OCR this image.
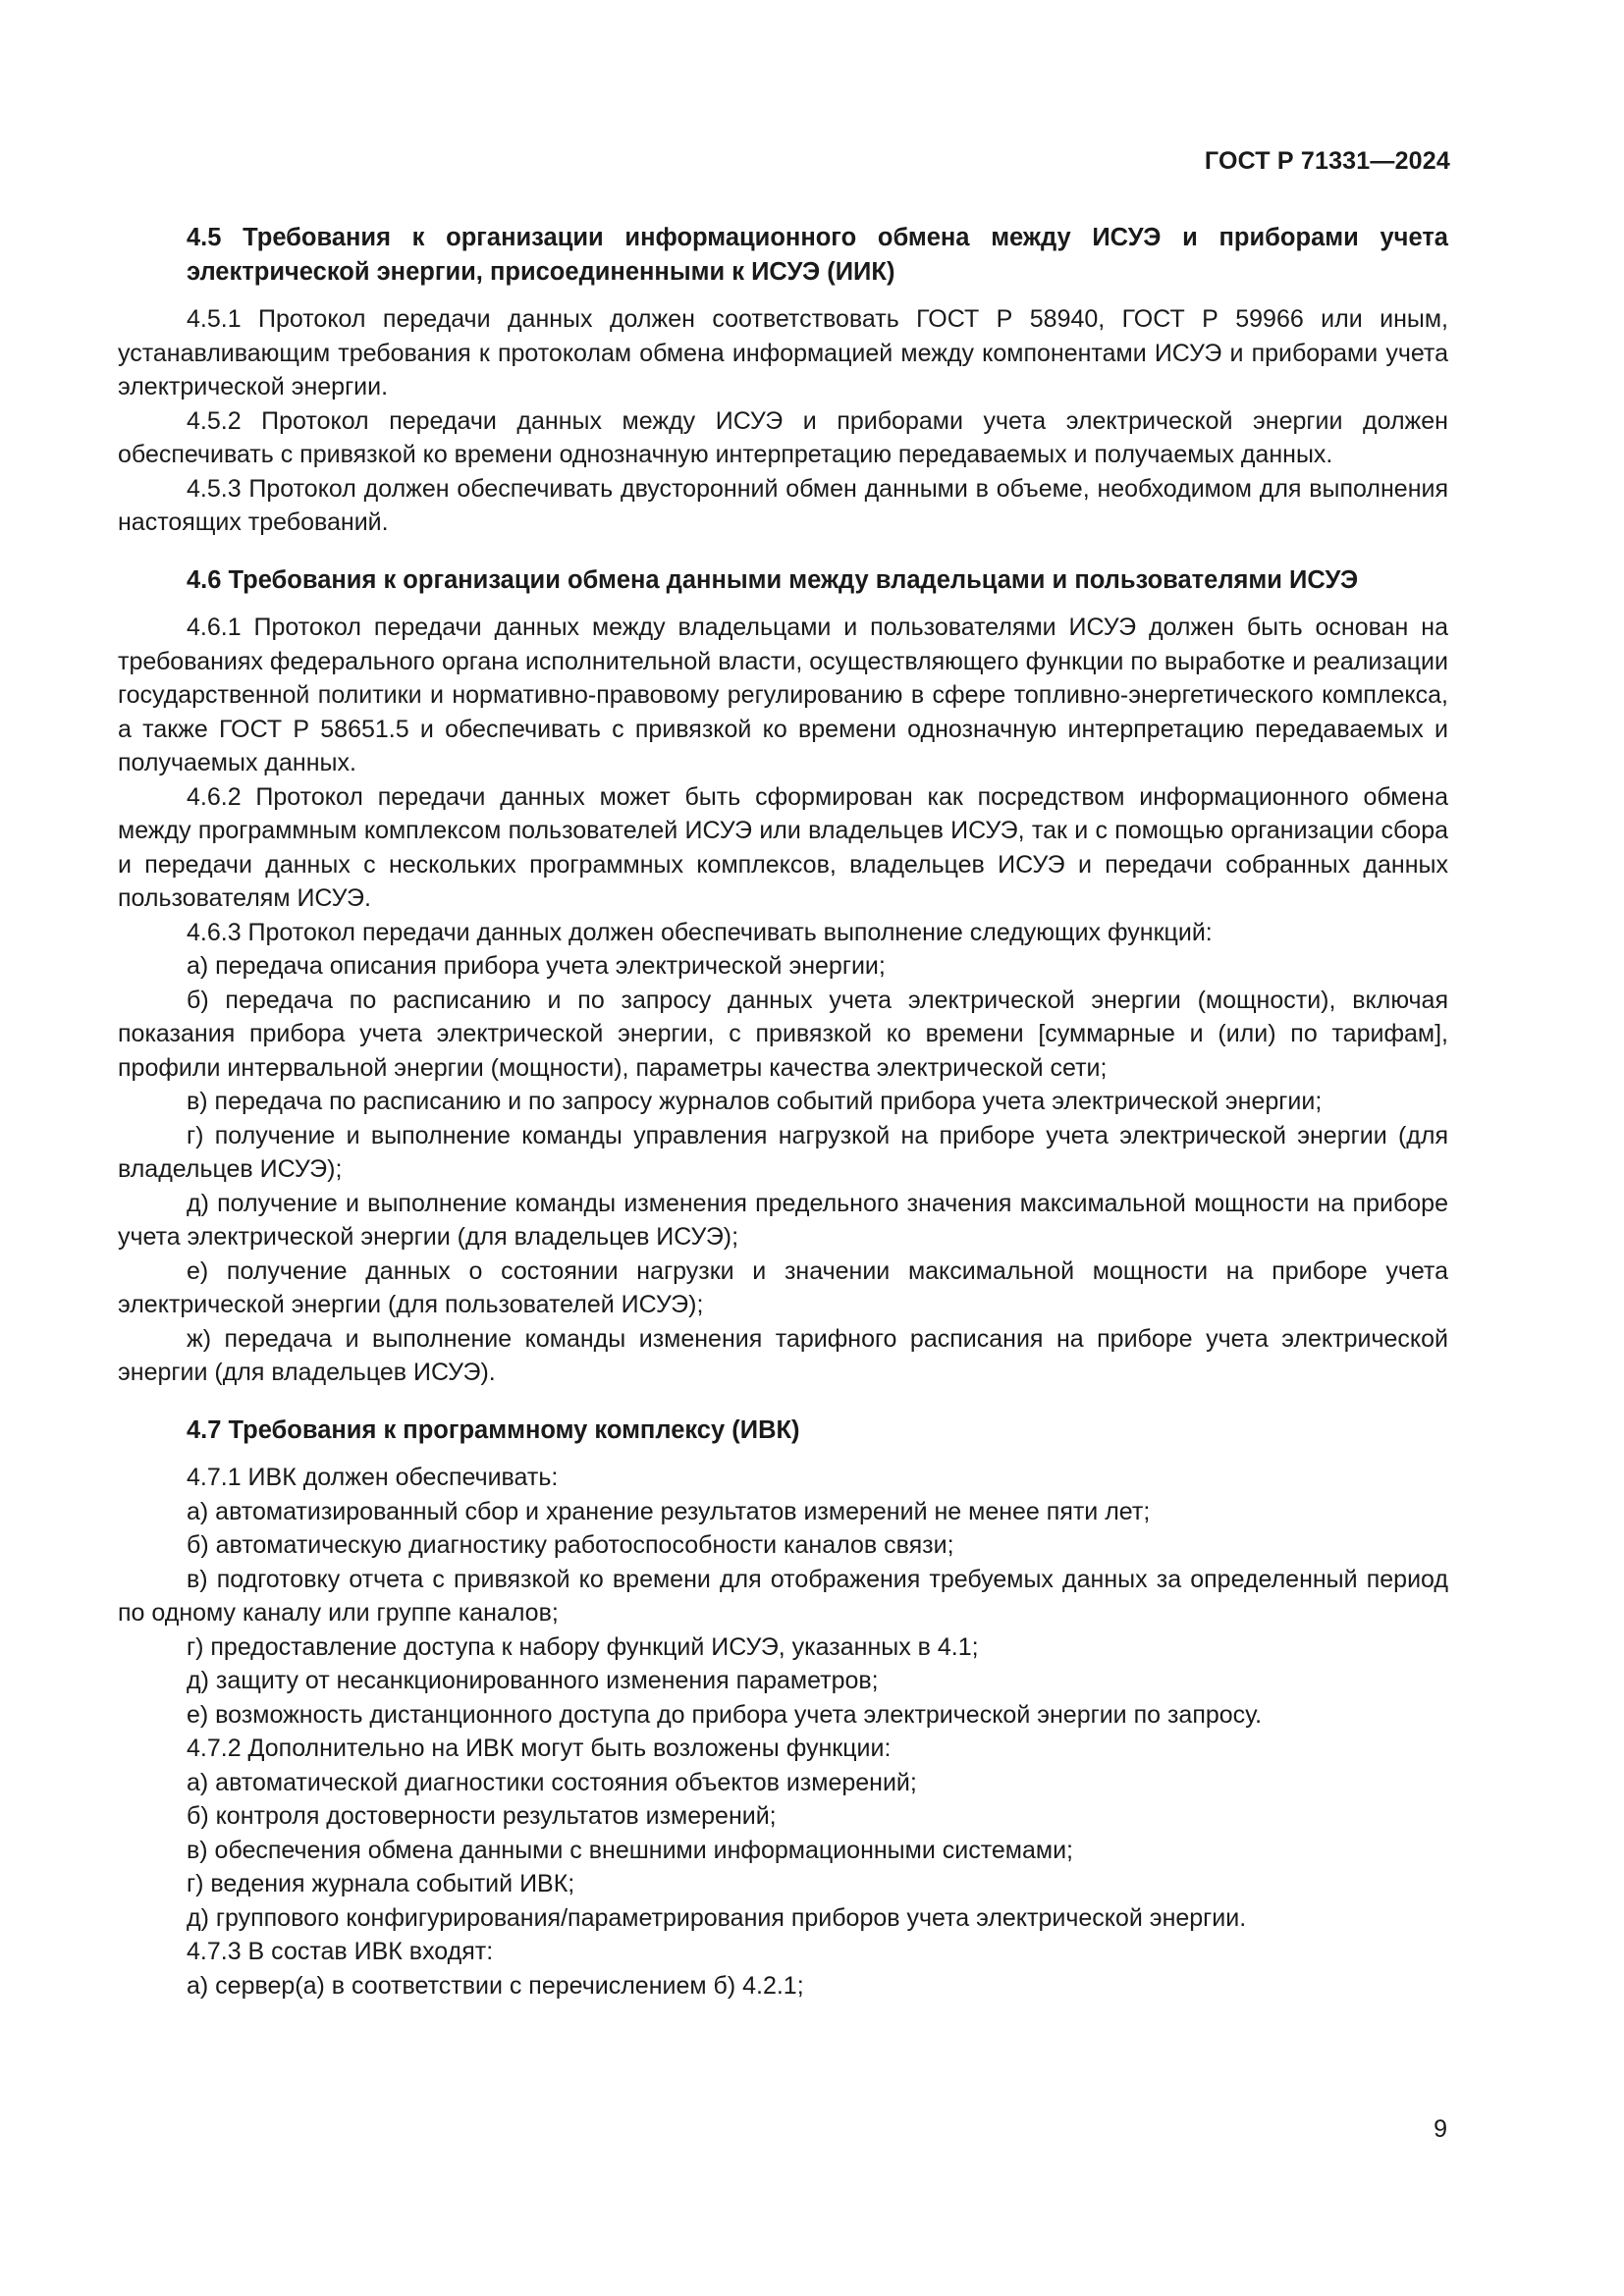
ГОСТ Р 71331—2024
4.5 Требования к организации информационного обмена между ИСУЭ и приборами учета электрической энергии, присоединенными к ИСУЭ (ИИК)

4.5.1 Протокол передачи данных должен соответствовать ГОСТ Р 58940, ГОСТ Р 59966 или иным, устанавливающим требования к протоколам обмена информацией между компонентами ИСУЭ и приборами учета электрической энергии.

4.5.2 Протокол передачи данных между ИСУЭ и приборами учета электрической энергии должен обеспечивать с привязкой ко времени однозначную интерпретацию передаваемых и получаемых данных.

4.5.3 Протокол должен обеспечивать двусторонний обмен данными в объеме, необходимом для выполнения настоящих требований.

4.6 Требования к организации обмена данными между владельцами и пользователями ИСУЭ

4.6.1 Протокол передачи данных между владельцами и пользователями ИСУЭ должен быть основан на требованиях федерального органа исполнительной власти, осуществляющего функции по выработке и реализации государственной политики и нормативно-правовому регулированию в сфере топливно-энергетического комплекса, а также ГОСТ Р 58651.5 и обеспечивать с привязкой ко времени однозначную интерпретацию передаваемых и получаемых данных.

4.6.2 Протокол передачи данных может быть сформирован как посредством информационного обмена между программным комплексом пользователей ИСУЭ или владельцев ИСУЭ, так и с помощью организации сбора и передачи данных с нескольких программных комплексов, владельцев ИСУЭ и передачи собранных данных пользователям ИСУЭ.

4.6.3 Протокол передачи данных должен обеспечивать выполнение следующих функций:

а) передача описания прибора учета электрической энергии;

б) передача по расписанию и по запросу данных учета электрической энергии (мощности), включая показания прибора учета электрической энергии, с привязкой ко времени [суммарные и (или) по тарифам], профили интервальной энергии (мощности), параметры качества электрической сети;

в) передача по расписанию и по запросу журналов событий прибора учета электрической энергии;

г) получение и выполнение команды управления нагрузкой на приборе учета электрической энергии (для владельцев ИСУЭ);

д) получение и выполнение команды изменения предельного значения максимальной мощности на приборе учета электрической энергии (для владельцев ИСУЭ);

е) получение данных о состоянии нагрузки и значении максимальной мощности на приборе учета электрической энергии (для пользователей ИСУЭ);

ж) передача и выполнение команды изменения тарифного расписания на приборе учета электрической энергии (для владельцев ИСУЭ).

4.7 Требования к программному комплексу (ИВК)

4.7.1 ИВК должен обеспечивать:

а) автоматизированный сбор и хранение результатов измерений не менее пяти лет;

б) автоматическую диагностику работоспособности каналов связи;

в) подготовку отчета с привязкой ко времени для отображения требуемых данных за определенный период по одному каналу или группе каналов;

г) предоставление доступа к набору функций ИСУЭ, указанных в 4.1;

д) защиту от несанкционированного изменения параметров;

е) возможность дистанционного доступа до прибора учета электрической энергии по запросу.

4.7.2 Дополнительно на ИВК могут быть возложены функции:

а) автоматической диагностики состояния объектов измерений;

б) контроля достоверности результатов измерений;

в) обеспечения обмена данными с внешними информационными системами;

г) ведения журнала событий ИВК;

д) группового конфигурирования/параметрирования приборов учета электрической энергии.

4.7.3 В состав ИВК входят:

а) сервер(а) в соответствии с перечислением б) 4.2.1;

9
